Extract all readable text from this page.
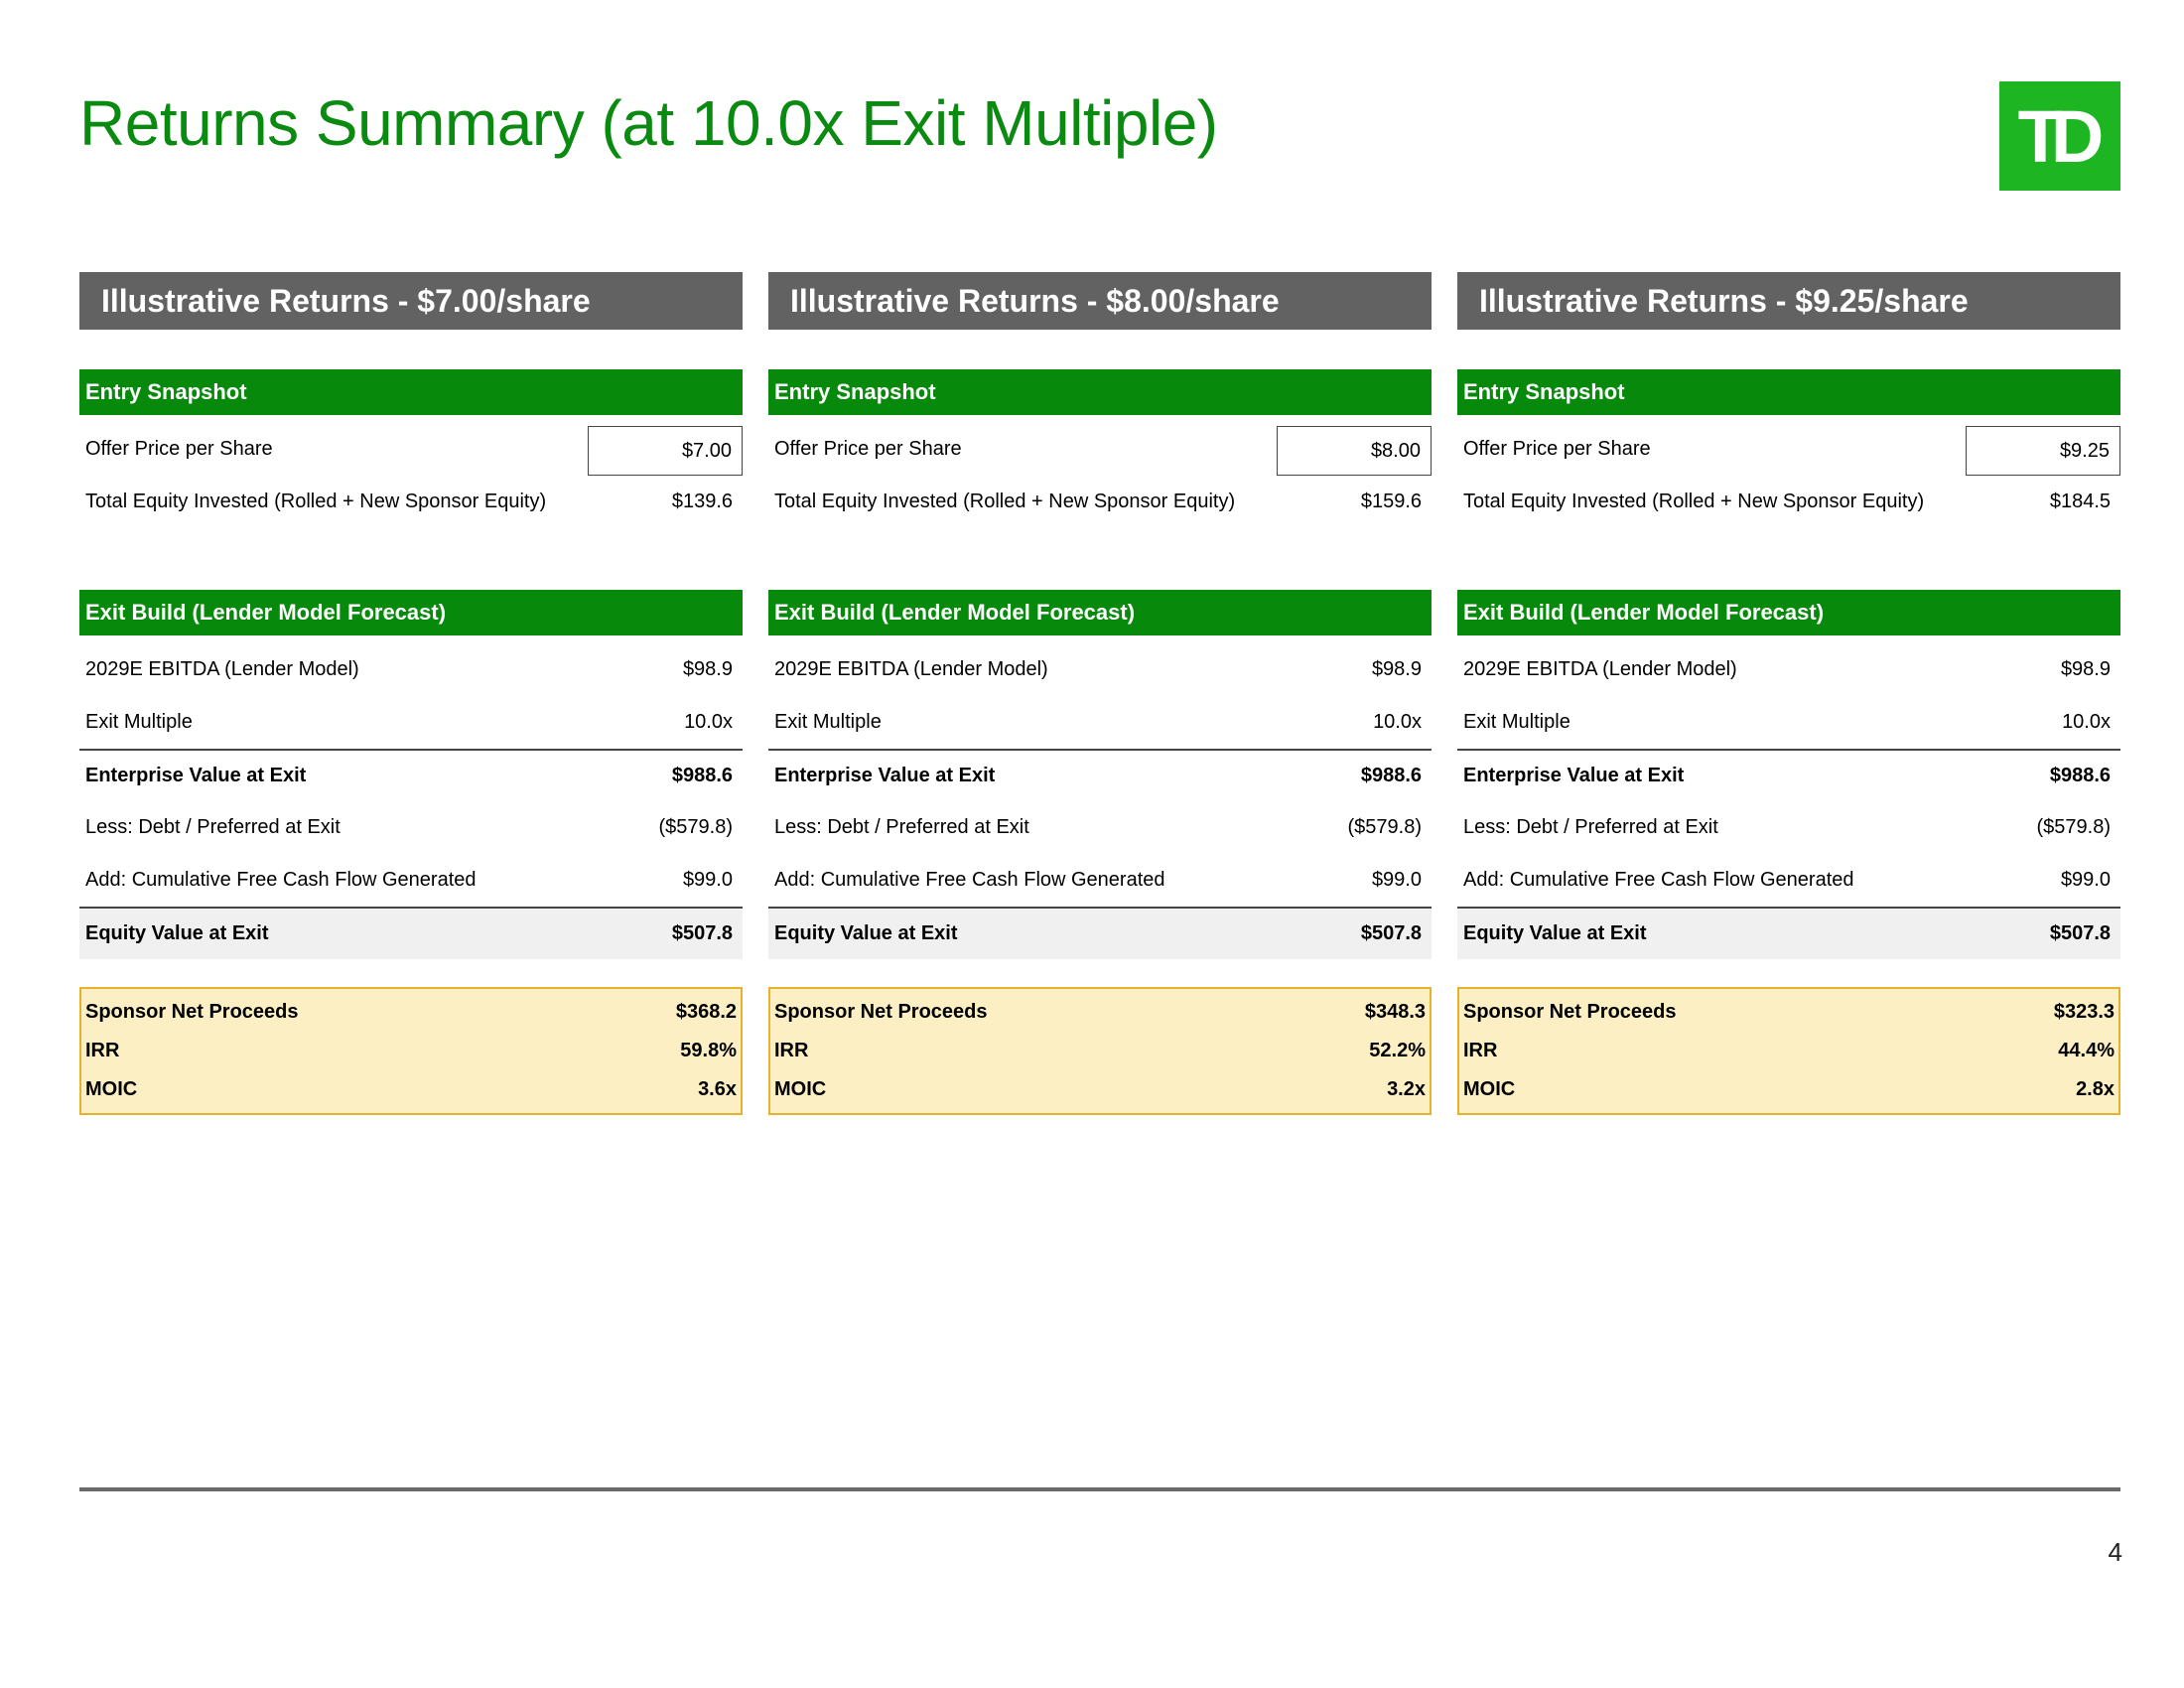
Returns Summary (at 10.0x Exit Multiple)	TD
Illustrative Returns - $7.00/share
Entry Snapshot
Offer Price per Share	$7.00
Total Equity Invested (Rolled + New Sponsor Equity)	$139.6
Exit Build (Lender Model Forecast)
2029E EBITDA (Lender Model)	$98.9
Exit Multiple	10.0x
Enterprise Value at Exit	$988.6
Less: Debt / Preferred at Exit	($579.8)
Add: Cumulative Free Cash Flow Generated	$99.0
Equity Value at Exit	$507.8
Sponsor Net Proceeds	$368.2
IRR	59.8%
MOIC	3.6x
Illustrative Returns - $8.00/share
Entry Snapshot
Offer Price per Share	$8.00
Total Equity Invested (Rolled + New Sponsor Equity)	$159.6
Exit Build (Lender Model Forecast)
2029E EBITDA (Lender Model)	$98.9
Exit Multiple	10.0x
Enterprise Value at Exit	$988.6
Less: Debt / Preferred at Exit	($579.8)
Add: Cumulative Free Cash Flow Generated	$99.0
Equity Value at Exit	$507.8
Sponsor Net Proceeds	$348.3
IRR	52.2%
MOIC	3.2x
Illustrative Returns - $9.25/share
Entry Snapshot
Offer Price per Share	$9.25
Total Equity Invested (Rolled + New Sponsor Equity)	$184.5
Exit Build (Lender Model Forecast)
2029E EBITDA (Lender Model)	$98.9
Exit Multiple	10.0x
Enterprise Value at Exit	$988.6
Less: Debt / Preferred at Exit	($579.8)
Add: Cumulative Free Cash Flow Generated	$99.0
Equity Value at Exit	$507.8
Sponsor Net Proceeds	$323.3
IRR	44.4%
MOIC	2.8x
4
